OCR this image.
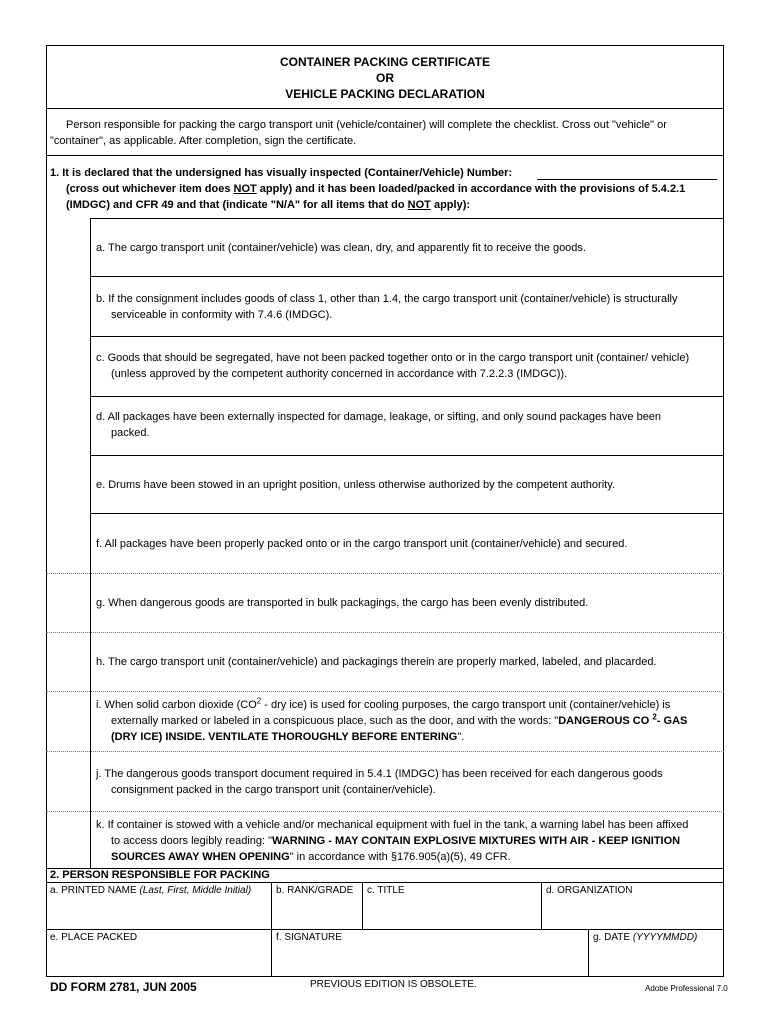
CONTAINER PACKING CERTIFICATE
OR
VEHICLE PACKING DECLARATION
Person responsible for packing the cargo transport unit (vehicle/container) will complete the checklist. Cross out "vehicle" or
"container", as applicable. After completion, sign the certificate.
1. It is declared that the undersigned has visually inspected (Container/Vehicle) Number:
(cross out whichever item does NOT apply) and it has been loaded/packed in accordance with the provisions of 5.4.2.1
(IMDGC) and CFR 49 and that (indicate "N/A" for all items that do NOT apply):
a. The cargo transport unit (container/vehicle) was clean, dry, and apparently fit to receive the goods.
b. If the consignment includes goods of class 1, other than 1.4, the cargo transport unit (container/vehicle) is structurally
serviceable in conformity with 7.4.6 (IMDGC).
c. Goods that should be segregated, have not been packed together onto or in the cargo transport unit (container/ vehicle)
(unless approved by the competent authority concerned in accordance with 7.2.2.3 (IMDGC)).
d. All packages have been externally inspected for damage, leakage, or sifting, and only sound packages have been
packed.
e. Drums have been stowed in an upright position, unless otherwise authorized by the competent authority.
f. All packages have been properly packed onto or in the cargo transport unit (container/vehicle) and secured.
g. When dangerous goods are transported in bulk packagings, the cargo has been evenly distributed.
h. The cargo transport unit (container/vehicle) and packagings therein are properly marked, labeled, and placarded.
i. When solid carbon dioxide ($CO^2$ - dry ice) is used for cooling purposes, the cargo transport unit (container/vehicle) is
externally marked or labeled in a conspicuous place, such as the door, and with the words: "DANGEROUS CO $^2$- GAS
(DRY ICE) INSIDE. VENTILATE THOROUGHLY BEFORE ENTERING".
j. The dangerous goods transport document required in 5.4.1 (IMDGC) has been received for each dangerous goods
consignment packed in the cargo transport unit (container/vehicle).
k. If container is stowed with a vehicle and/or mechanical equipment with fuel in the tank, a warning label has been affixed
to access doors legibly reading: "WARNING - MAY CONTAIN EXPLOSIVE MIXTURES WITH AIR - KEEP IGNITION
SOURCES AWAY WHEN OPENING" in accordance with §176.905(a)(5), 49 CFR.
2. PERSON RESPONSIBLE FOR PACKING
a. PRINTED NAME (Last, First, Middle Initial) b. RANK/GRADE c. TITLE	d. ORGANIZATION
e. PLACE PACKED	f. SIGNATURE	g. DATE (YYYYMMDD)
DD FORM 2781, JUN 2005	PREVIOUS EDITION IS OBSOLETE.	Adobe Professional 7.0
